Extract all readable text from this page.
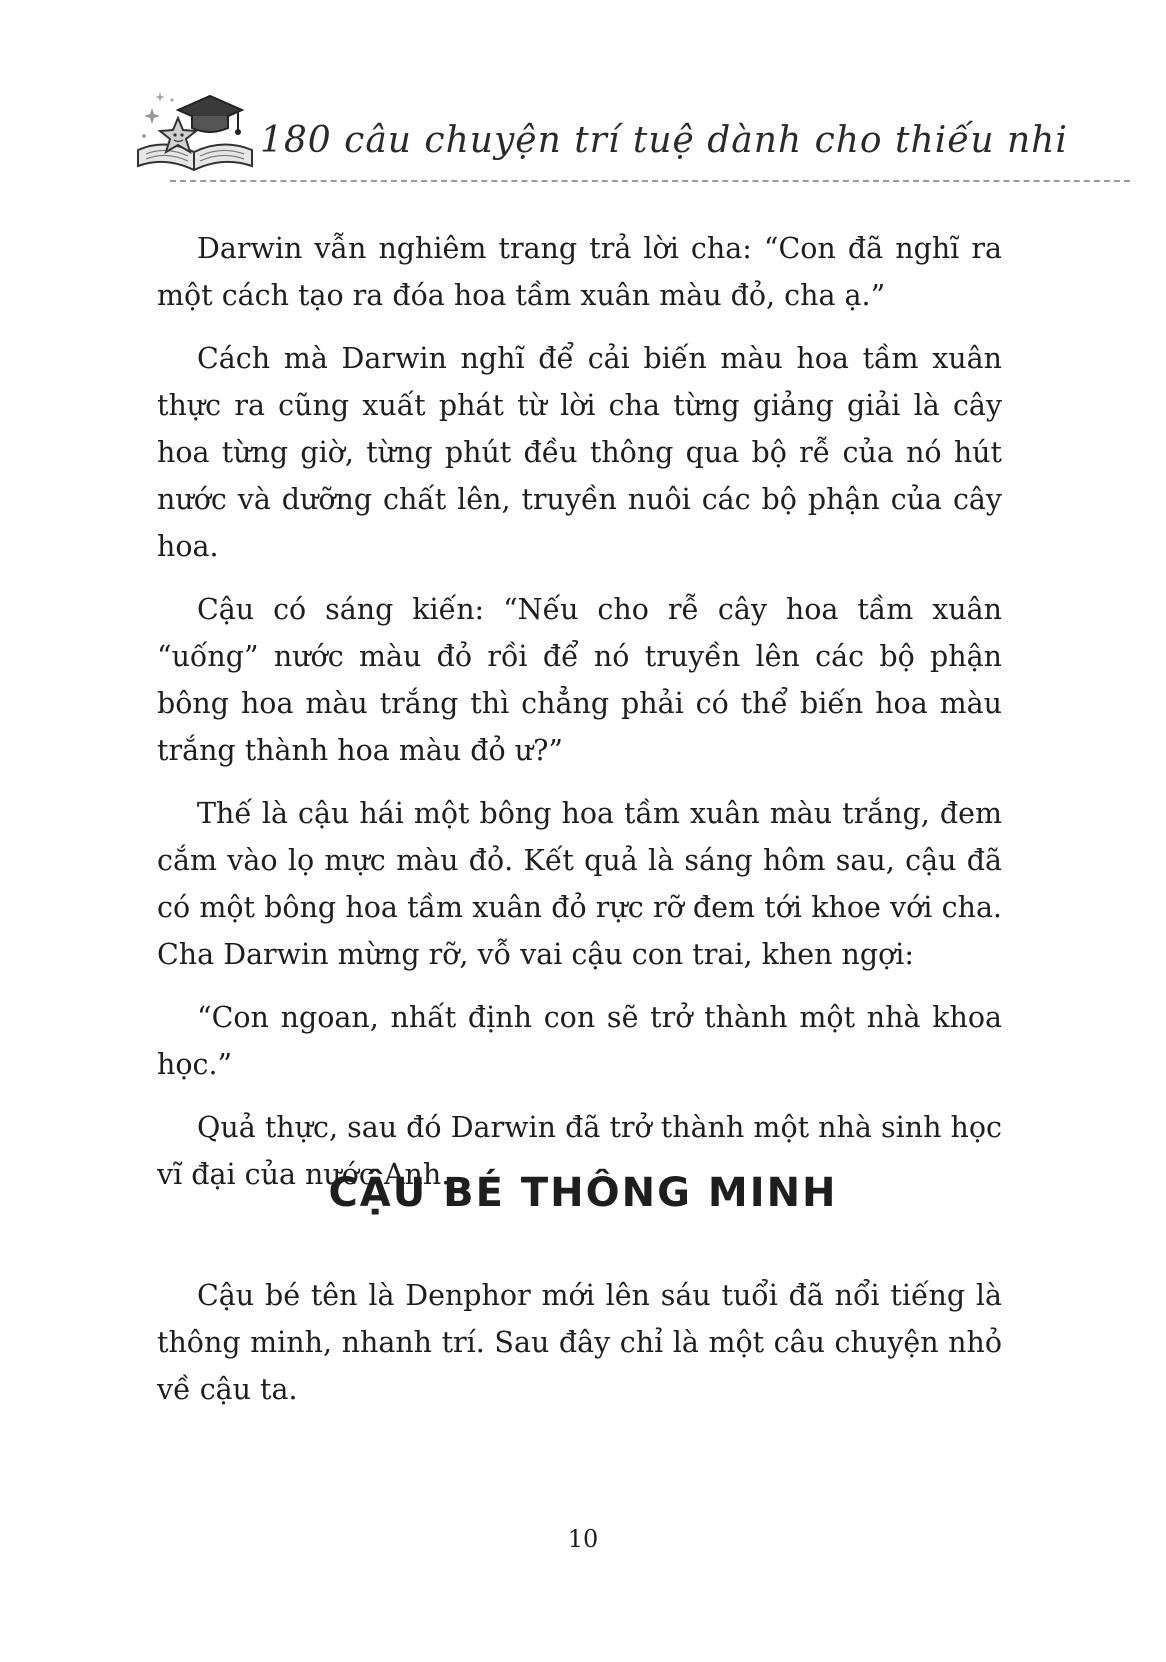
180 câu chuyện trí tuệ dành cho thiếu nhi

Darwin vẫn nghiêm trang trả lời cha: “Con đã nghĩ ra một cách tạo ra đóa hoa tầm xuân màu đỏ, cha ạ.”

Cách mà Darwin nghĩ để cải biến màu hoa tầm xuân thực ra cũng xuất phát từ lời cha từng giảng giải là cây hoa từng giờ, từng phút đều thông qua bộ rễ của nó hút nước và dưỡng chất lên, truyền nuôi các bộ phận của cây hoa.

Cậu có sáng kiến: “Nếu cho rễ cây hoa tầm xuân “uống” nước màu đỏ rồi để nó truyền lên các bộ phận bông hoa màu trắng thì chẳng phải có thể biến hoa màu trắng thành hoa màu đỏ ư?”

Thế là cậu hái một bông hoa tầm xuân màu trắng, đem cắm vào lọ mực màu đỏ. Kết quả là sáng hôm sau, cậu đã có một bông hoa tầm xuân đỏ rực rỡ đem tới khoe với cha. Cha Darwin mừng rỡ, vỗ vai cậu con trai, khen ngợi:

“Con ngoan, nhất định con sẽ trở thành một nhà khoa học.”

Quả thực, sau đó Darwin đã trở thành một nhà sinh học vĩ đại của nước Anh.

CẬU BÉ THÔNG MINH

Cậu bé tên là Denphor mới lên sáu tuổi đã nổi tiếng là thông minh, nhanh trí. Sau đây chỉ là một câu chuyện nhỏ về cậu ta.

10
